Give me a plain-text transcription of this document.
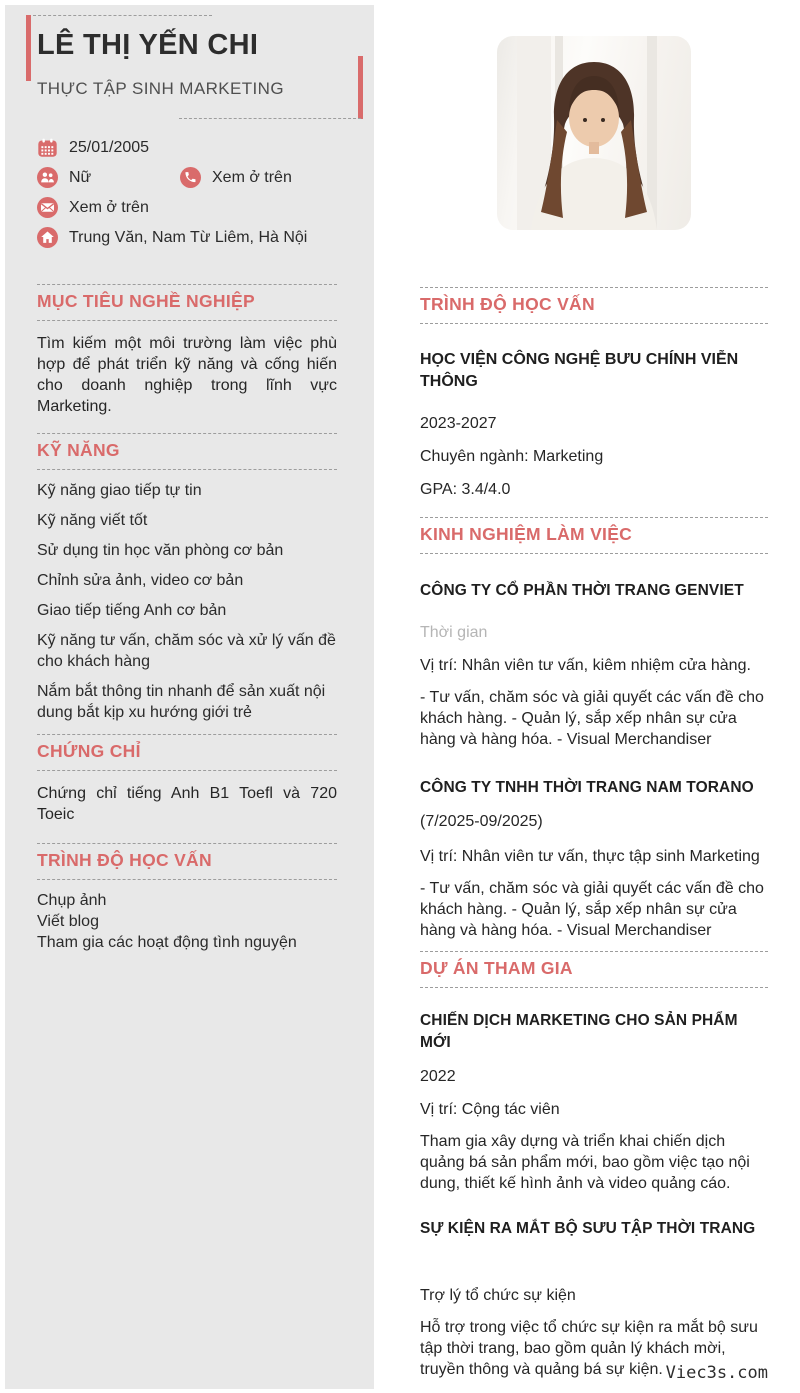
LÊ THỊ YẾN CHI
THỰC TẬP SINH MARKETING
25/01/2005
Nữ	Xem ở trên
Xem ở trên
Trung Văn, Nam Từ Liêm, Hà Nội
MỤC TIÊU NGHỀ NGHIỆP

Tìm kiếm một môi trường làm việc phù hợp để phát triển kỹ năng và cống hiến cho doanh nghiệp trong lĩnh vực Marketing.

KỸ NĂNG
Kỹ năng giao tiếp tự tin
Kỹ năng viết tốt
Sử dụng tin học văn phòng cơ bản
Chỉnh sửa ảnh, video cơ bản
Giao tiếp tiếng Anh cơ bản
Kỹ năng tư vấn, chăm sóc và xử lý vấn đề cho khách hàng
Nắm bắt thông tin nhanh để sản xuất nội dung bắt kịp xu hướng giới trẻ
CHỨNG CHỈ

Chứng chỉ tiếng Anh B1 Toefl và 720 Toeic

TRÌNH ĐỘ HỌC VẤN
Chụp ảnh
Viết blog
Tham gia các hoạt động tình nguyện
TRÌNH ĐỘ HỌC VẤN
HỌC VIỆN CÔNG NGHỆ BƯU CHÍNH VIỄN THÔNG
2023-2027
Chuyên ngành: Marketing
GPA: 3.4/4.0
KINH NGHIỆM LÀM VIỆC
CÔNG TY CỔ PHẦN THỜI TRANG GENVIET
Thời gian
Vị trí: Nhân viên tư vấn, kiêm nhiệm cửa hàng.
- Tư vấn, chăm sóc và giải quyết các vấn đề cho khách hàng. - Quản lý, sắp xếp nhân sự cửa hàng và hàng hóa. - Visual Merchandiser
CÔNG TY TNHH THỜI TRANG NAM TORANO
(7/2025-09/2025)
Vị trí: Nhân viên tư vấn, thực tập sinh Marketing
- Tư vấn, chăm sóc và giải quyết các vấn đề cho khách hàng. - Quản lý, sắp xếp nhân sự cửa hàng và hàng hóa. - Visual Merchandiser
DỰ ÁN THAM GIA
CHIẾN DỊCH MARKETING CHO SẢN PHẨM MỚI
2022
Vị trí: Cộng tác viên
Tham gia xây dựng và triển khai chiến dịch quảng bá sản phẩm mới, bao gồm việc tạo nội dung, thiết kế hình ảnh và video quảng cáo.
SỰ KIỆN RA MẮT BỘ SƯU TẬP THỜI TRANG
Trợ lý tổ chức sự kiện
Hỗ trợ trong việc tổ chức sự kiện ra mắt bộ sưu tập thời trang, bao gồm quản lý khách mời, truyền thông và quảng bá sự kiện. Viec3s.com
